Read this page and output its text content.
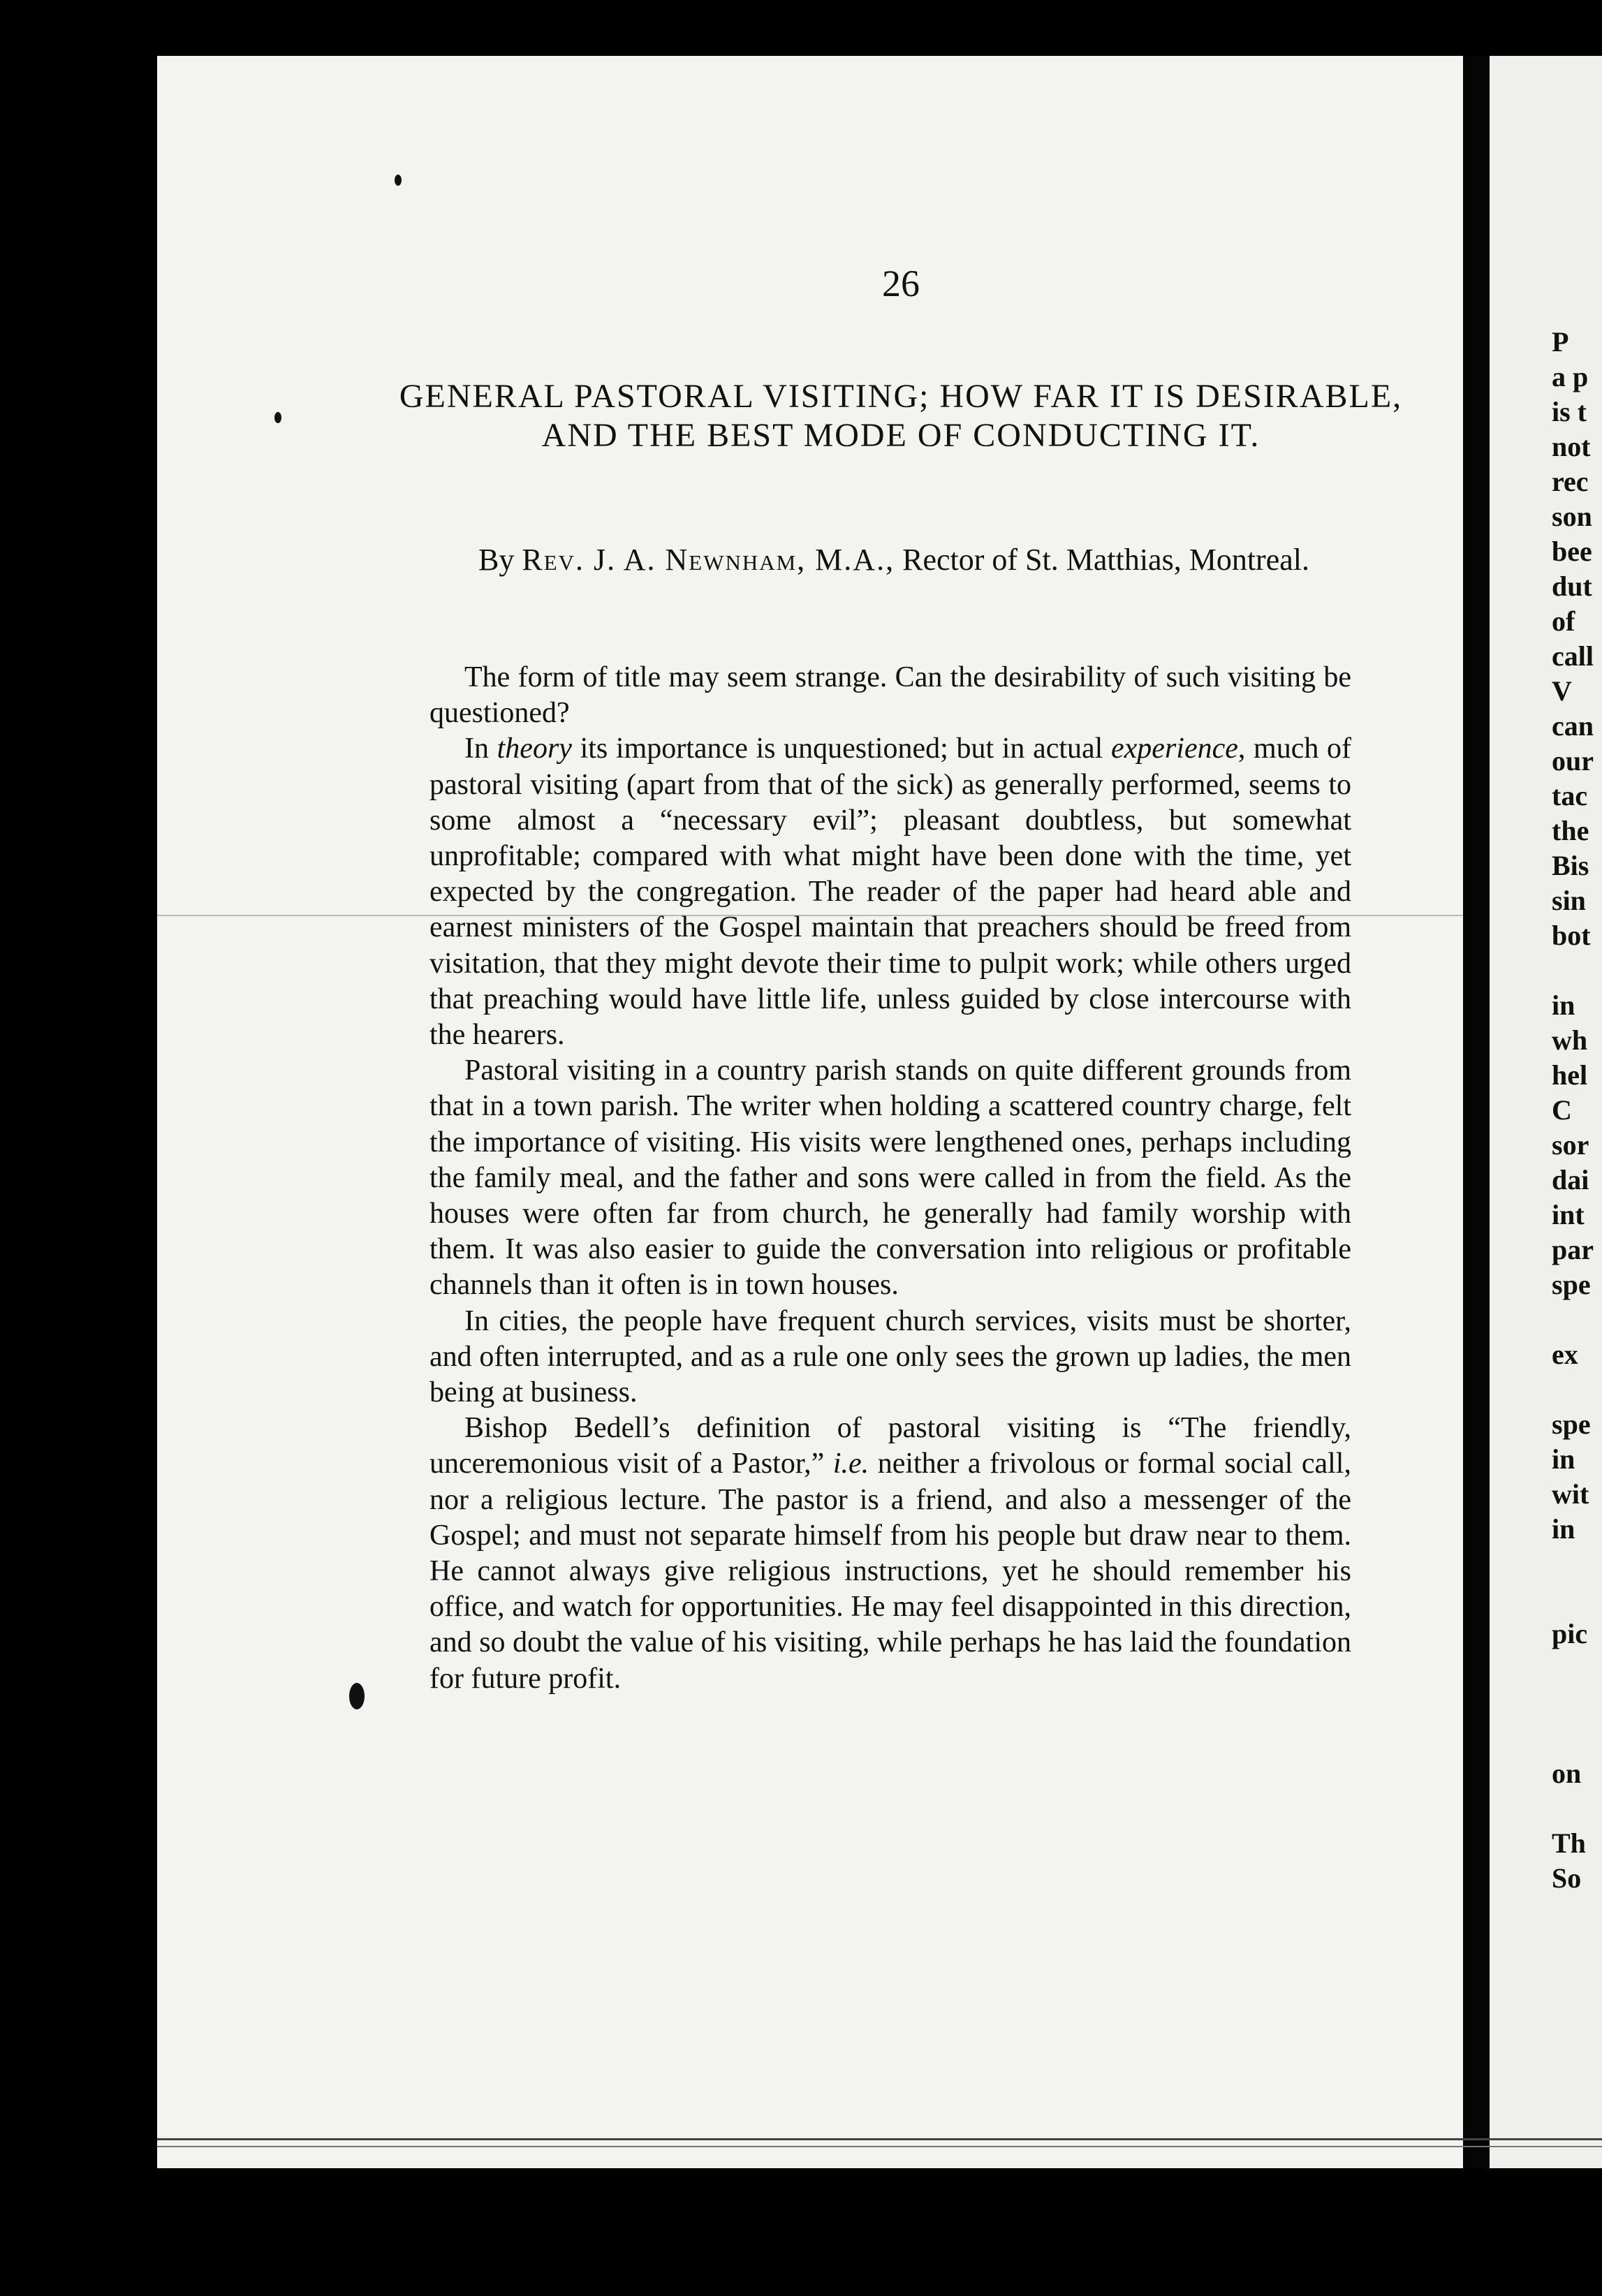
26
GENERAL PASTORAL VISITING; HOW FAR IT IS DESIRABLE, AND THE BEST MODE OF CONDUCTING IT.
By Rev. J. A. Newnham, M.A., Rector of St. Matthias, Montreal.

The form of title may seem strange. Can the desirability of such visiting be questioned?

In theory its importance is unquestioned; but in actual experience, much of pastoral visiting (apart from that of the sick) as generally performed, seems to some almost a “necessary evil”; pleasant doubtless, but somewhat unprofitable; compared with what might have been done with the time, yet expected by the congregation. The reader of the paper had heard able and earnest ministers of the Gospel maintain that preachers should be freed from visitation, that they might devote their time to pulpit work; while others urged that preaching would have little life, unless guided by close intercourse with the hearers.

Pastoral visiting in a country parish stands on quite different grounds from that in a town parish. The writer when holding a scattered country charge, felt the importance of visiting. His visits were lengthened ones, perhaps including the family meal, and the father and sons were called in from the field. As the houses were often far from church, he generally had family worship with them. It was also easier to guide the conversation into religious or profitable channels than it often is in town houses.

In cities, the people have frequent church services, visits must be shorter, and often interrupted, and as a rule one only sees the grown up ladies, the men being at business.

Bishop Bedell’s definition of pastoral visiting is “The friendly, unceremonious visit of a Pastor,” i.e. neither a frivolous or formal social call, nor a religious lecture. The pastor is a friend, and also a messenger of the Gospel; and must not separate himself from his people but draw near to them. He cannot always give religious instructions, yet he should remember his office, and watch for opportunities. He may feel disappointed in this direction, and so doubt the value of his visiting, while perhaps he has laid the foundation for future profit.

P
a p
is t
not
rec
son
bee
dut
of
call
V
can
our
tac
the
Bis
sin
bot

in
wh
hel
C
sor
dai
int
par
spe

ex

spe
in
wit
in

pic

on

Th
So
